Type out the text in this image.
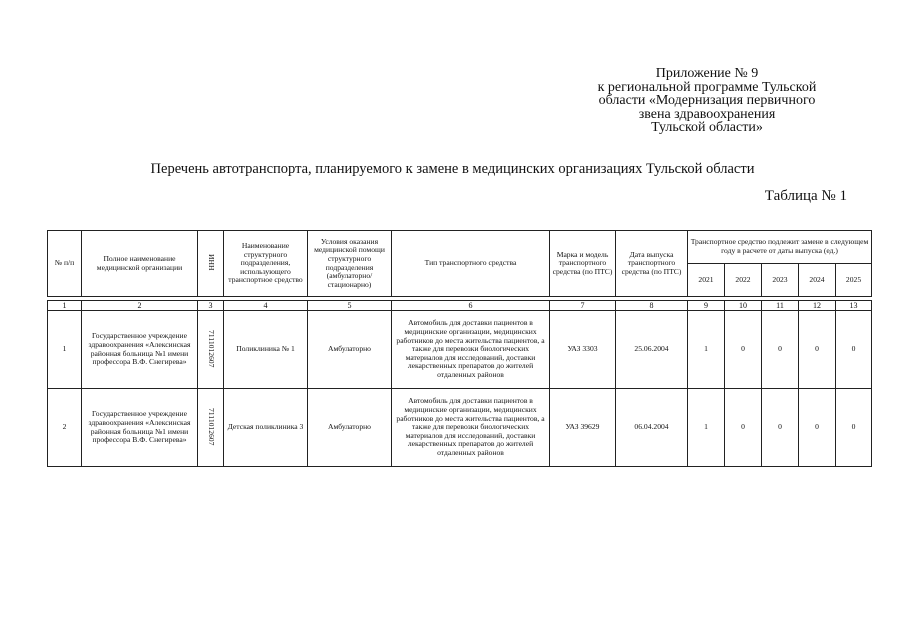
Приложение № 9
к региональной программе Тульской
области «Модернизация первичного
звена здравоохранения
Тульской области»
Перечень автотранспорта, планируемого к замене в медицинских организациях Тульской области
Таблица № 1
№ п/п	Полное наименование медицинской организации	ИНН	Наименование структурного подразделения, использующего транспортное средство	Условия оказания медицинской помощи структурного подразделения (амбулаторно/ стационарно)	Тип транспортного средства	Марка и модель транспортного средства (по ПТС)	Дата выпуска транспортного средства (по ПТС)	Транспортное средство подлежит замене в следующем году в расчете от даты выпуска (ед.)				
								2021	2022	2023	2024	2025

1	2	3	4	5	6	7	8	9	10	11	12	13
1	Государственное учреждение здравоохранения «Алексинская районная больница №1 имени профессора В.Ф. Снегирева»	7111012607	Поликлиника № 1	Амбулаторно	Автомобиль для доставки пациентов в медицинские организации, медицинских работников до места жительства пациентов, а также для перевозки биологических материалов для исследований, доставки лекарственных препаратов до жителей отдаленных районов	УАЗ 3303	25.06.2004	1	0	0	0	0
2	Государственное учреждение здравоохранения «Алексинская районная больница №1 имени профессора В.Ф. Снегирева»	7111012607	Детская поликлиника 3	Амбулаторно	Автомобиль для доставки пациентов в медицинские организации, медицинских работников до места жительства пациентов, а также для перевозки биологических материалов для исследований, доставки лекарственных препаратов до жителей отдаленных районов	УАЗ 39629	06.04.2004	1	0	0	0	0
